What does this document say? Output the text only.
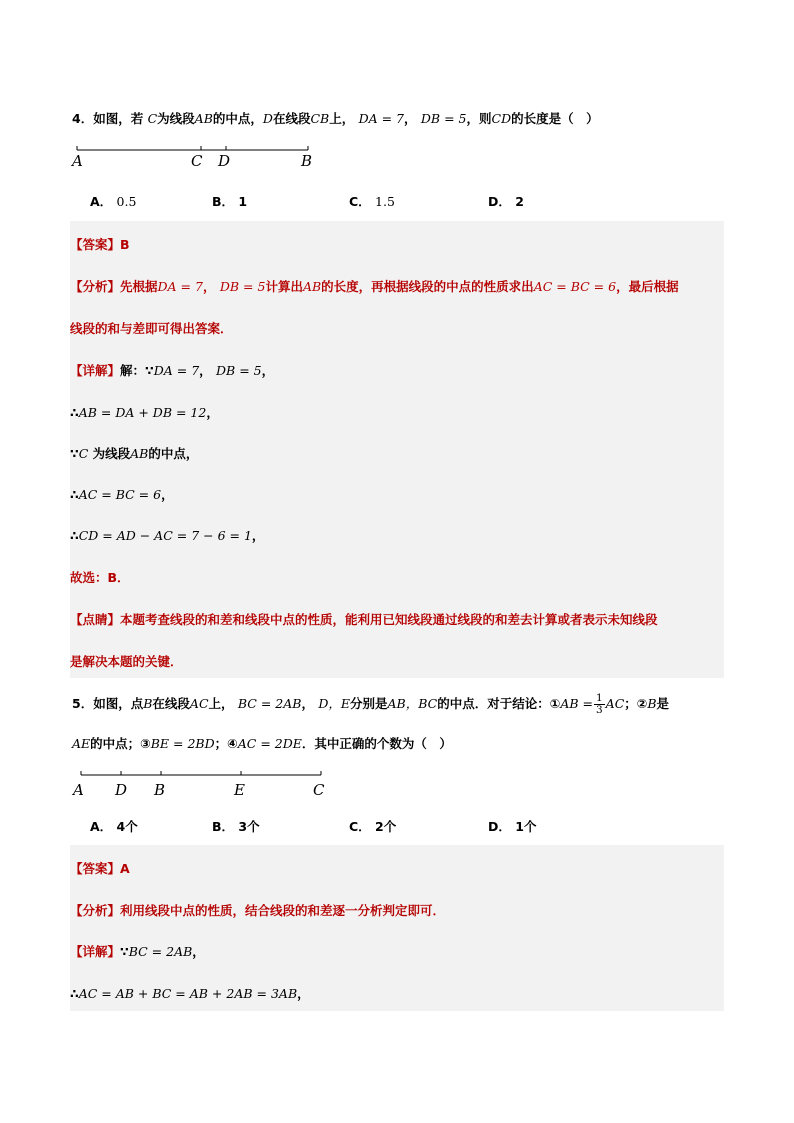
4．如图，若 C为线段AB的中点，D在线段CB上， DA = 7， DB = 5，则CD的长度是（　）
A	C D	B
A． 0.5	B． 1	C． 1.5	D． 2
【答案】B
【分析】先根据DA = 7， DB = 5计算出AB的长度，再根据线段的中点的性质求出AC = BC = 6，最后根据
线段的和与差即可得出答案．
【详解】解：∵DA = 7， DB = 5，
∴AB = DA + DB = 12，
∵C 为线段AB的中点，
∴AC = BC = 6，
∴CD = AD − AC = 7 − 6 = 1，
故选：B．
【点睛】本题考查线段的和差和线段中点的性质，能利用已知线段通过线段的和差去计算或者表示未知线段
是解决本题的关键．
5．如图，点B在线段AC上， BC = 2AB， D，E分别是AB，BC的中点．对于结论：①AB = $\frac{1}{3}$ AC；②B是
AE的中点；③BE = 2BD；④AC = 2DE．其中正确的个数为（　）
A D B	E	C
A． 4个	B． 3个	C． 2个	D． 1个
【答案】A
【分析】利用线段中点的性质，结合线段的和差逐一分析判定即可．
【详解】∵BC = 2AB，
∴AC = AB + BC = AB + 2AB = 3AB，
